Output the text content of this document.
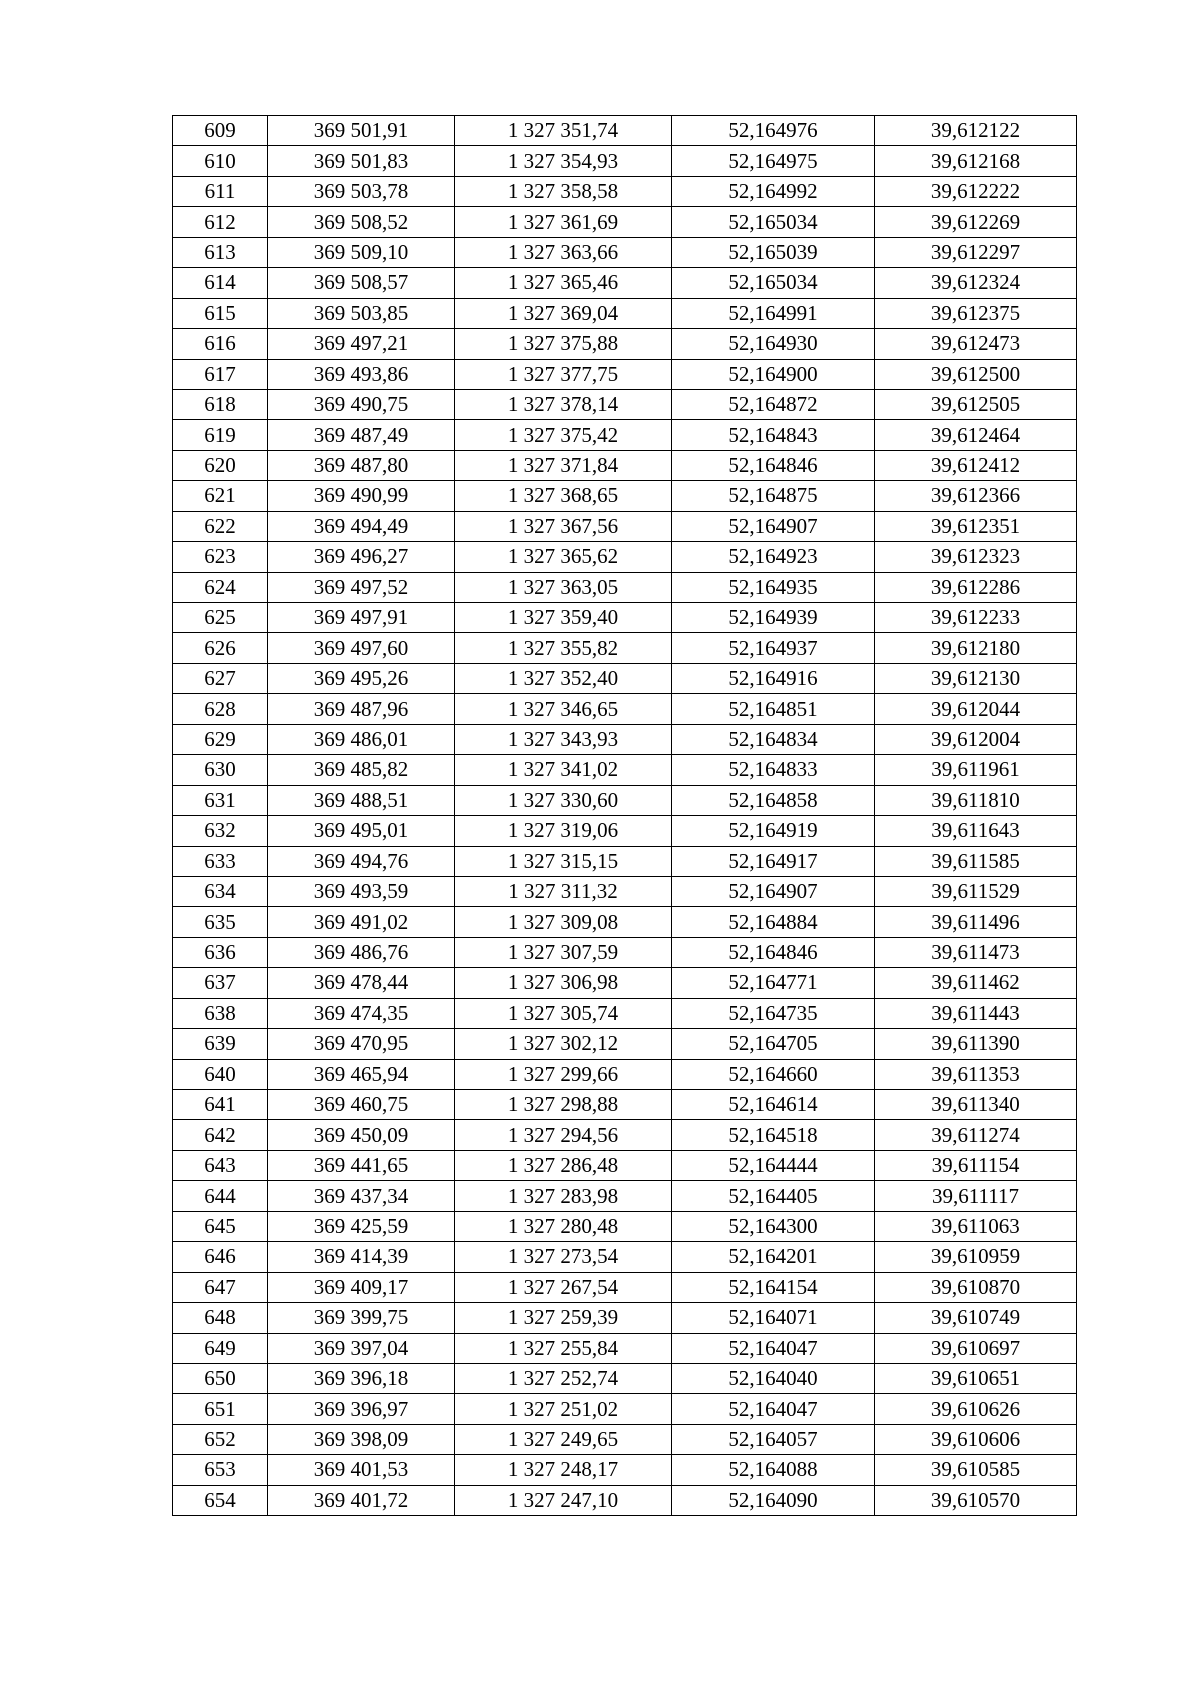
609	369 501,91	1 327 351,74	52,164976	39,612122
610	369 501,83	1 327 354,93	52,164975	39,612168
611	369 503,78	1 327 358,58	52,164992	39,612222
612	369 508,52	1 327 361,69	52,165034	39,612269
613	369 509,10	1 327 363,66	52,165039	39,612297
614	369 508,57	1 327 365,46	52,165034	39,612324
615	369 503,85	1 327 369,04	52,164991	39,612375
616	369 497,21	1 327 375,88	52,164930	39,612473
617	369 493,86	1 327 377,75	52,164900	39,612500
618	369 490,75	1 327 378,14	52,164872	39,612505
619	369 487,49	1 327 375,42	52,164843	39,612464
620	369 487,80	1 327 371,84	52,164846	39,612412
621	369 490,99	1 327 368,65	52,164875	39,612366
622	369 494,49	1 327 367,56	52,164907	39,612351
623	369 496,27	1 327 365,62	52,164923	39,612323
624	369 497,52	1 327 363,05	52,164935	39,612286
625	369 497,91	1 327 359,40	52,164939	39,612233
626	369 497,60	1 327 355,82	52,164937	39,612180
627	369 495,26	1 327 352,40	52,164916	39,612130
628	369 487,96	1 327 346,65	52,164851	39,612044
629	369 486,01	1 327 343,93	52,164834	39,612004
630	369 485,82	1 327 341,02	52,164833	39,611961
631	369 488,51	1 327 330,60	52,164858	39,611810
632	369 495,01	1 327 319,06	52,164919	39,611643
633	369 494,76	1 327 315,15	52,164917	39,611585
634	369 493,59	1 327 311,32	52,164907	39,611529
635	369 491,02	1 327 309,08	52,164884	39,611496
636	369 486,76	1 327 307,59	52,164846	39,611473
637	369 478,44	1 327 306,98	52,164771	39,611462
638	369 474,35	1 327 305,74	52,164735	39,611443
639	369 470,95	1 327 302,12	52,164705	39,611390
640	369 465,94	1 327 299,66	52,164660	39,611353
641	369 460,75	1 327 298,88	52,164614	39,611340
642	369 450,09	1 327 294,56	52,164518	39,611274
643	369 441,65	1 327 286,48	52,164444	39,611154
644	369 437,34	1 327 283,98	52,164405	39,611117
645	369 425,59	1 327 280,48	52,164300	39,611063
646	369 414,39	1 327 273,54	52,164201	39,610959
647	369 409,17	1 327 267,54	52,164154	39,610870
648	369 399,75	1 327 259,39	52,164071	39,610749
649	369 397,04	1 327 255,84	52,164047	39,610697
650	369 396,18	1 327 252,74	52,164040	39,610651
651	369 396,97	1 327 251,02	52,164047	39,610626
652	369 398,09	1 327 249,65	52,164057	39,610606
653	369 401,53	1 327 248,17	52,164088	39,610585
654	369 401,72	1 327 247,10	52,164090	39,610570
